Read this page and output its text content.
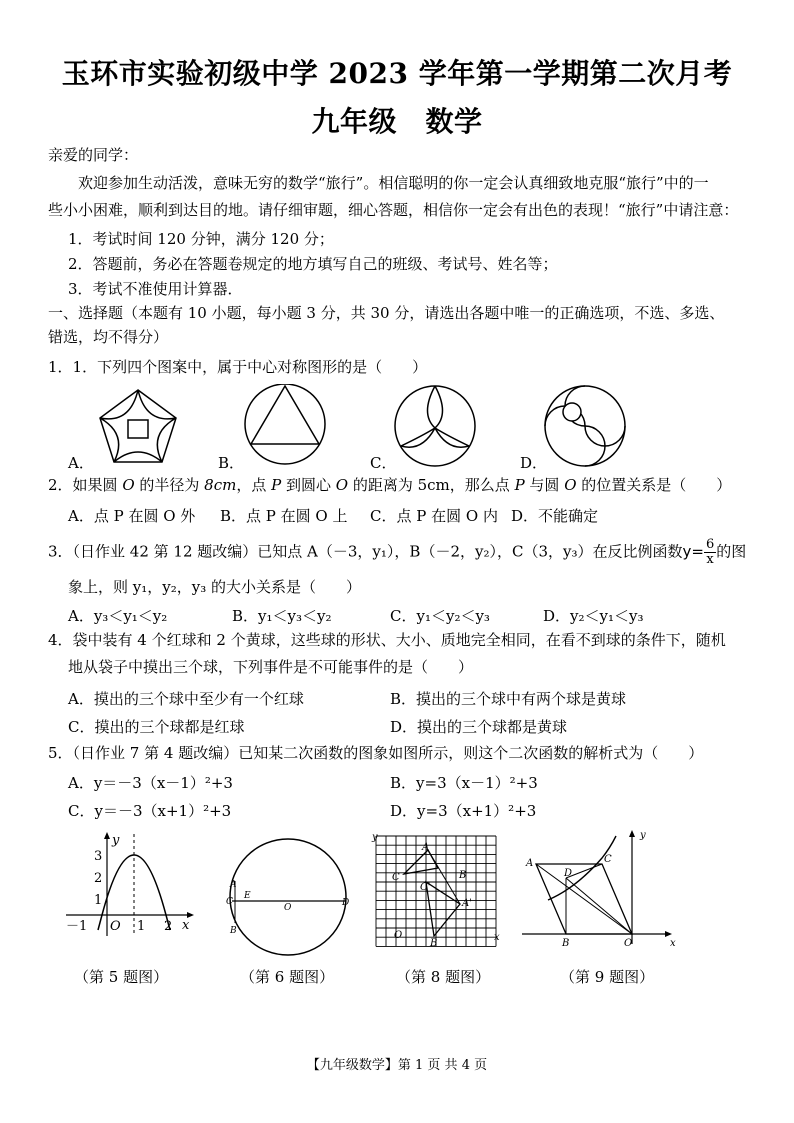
玉环市实验初级中学 2023 学年第一学期第二次月考
九年级　数学
亲爱的同学：
欢迎参加生动活泼，意味无穷的数学“旅行”。相信聪明的你一定会认真细致地克服“旅行”中的一
些小小困难，顺利到达目的地。请仔细审题，细心答题，相信你一定会有出色的表现！“旅行”中请注意：
1．考试时间 120 分钟，满分 120 分；
2．答题前，务必在答题卷规定的地方填写自己的班级、考试号、姓名等；
3．考试不准使用计算器．
一、选择题（本题有 10 小题，每小题 3 分，共 30 分，请选出各题中唯一的正确选项，不选、多选、
错选，均不得分）
1．1．下列四个图案中，属于中心对称图形的是（　　）
A．	B．	C．	D．
2．如果圆 O 的半径为 8cm，点 P 到圆心 O 的距离为 5cm，那么点 P 与圆 O 的位置关系是（　　）
A．点 P 在圆 O 外 B．点 P 在圆 O 上 C．点 P 在圆 O 内 D．不能确定
3．（日作业 42 第 12 题改编）已知点 A（－3，y₁），B（－2，y₂），C（3，y₃）在反比例函数$y= \frac{6}{x}$ 的图
象上，则 y₁，y₂，y₃ 的大小关系是（　　）
A．y₃＜y₁＜y₂	B．y₁＜y₃＜y₂	C．y₁＜y₂＜y₃	D．y₂＜y₁＜y₃
4．袋中装有 4 个红球和 2 个黄球，这些球的形状、大小、质地完全相同，在看不到球的条件下，随机
地从袋子中摸出三个球，下列事件是不可能事件的是（　　）
A．摸出的三个球中至少有一个红球	B．摸出的三个球中有两个球是黄球
C．摸出的三个球都是红球	D．摸出的三个球都是黄球
5．（日作业 7 第 4 题改编）已知某二次函数的图象如图所示，则这个二次函数的解析式为（　　）
A．y＝－3（x－1）²+3	B．y=3（x－1）²+3
C．y＝－3（x+1）²+3	D．y=3（x+1）²+3
y
x
3
2
1
－1 O 1 2
（第 5 题图）
A
E
C
B
O	D
（第 6 题图）
y
A
B
C
C'
A'
B
O	x
（第 8 题图）
y
A	C
D
B	O	x
（第 9 题图）
【九年级数学】第 1 页 共 4 页
